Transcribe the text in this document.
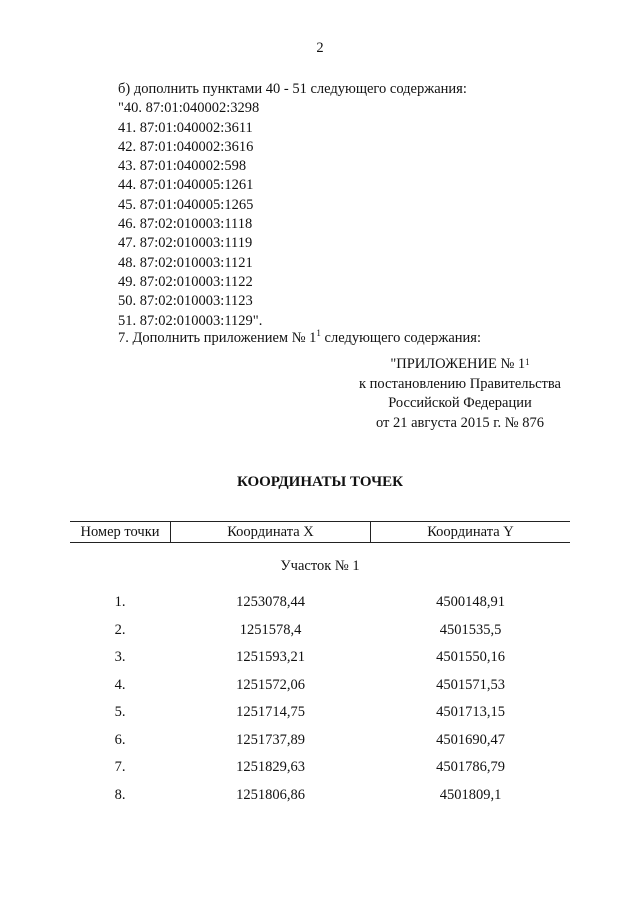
2
б) дополнить пунктами 40 - 51 следующего содержания:
"40. 87:01:040002:3298
41. 87:01:040002:3611
42. 87:01:040002:3616
43. 87:01:040002:598
44. 87:01:040005:1261
45. 87:01:040005:1265
46. 87:02:010003:1118
47. 87:02:010003:1119
48. 87:02:010003:1121
49. 87:02:010003:1122
50. 87:02:010003:1123
51. 87:02:010003:1129".
7. Дополнить приложением № $1^1$ следующего содержания:
"ПРИЛОЖЕНИЕ № $1^1$
к постановлению Правительства
Российской Федерации
от 21 августа 2015 г. № 876
КООРДИНАТЫ ТОЧЕК
Номер точки	Координата X	Координата Y
Участок № 1
1.	1253078,44	4500148,91
2.	1251578,4	4501535,5
3.	1251593,21	4501550,16
4.	1251572,06	4501571,53
5.	1251714,75	4501713,15
6.	1251737,89	4501690,47
7.	1251829,63	4501786,79
8.	1251806,86	4501809,1
